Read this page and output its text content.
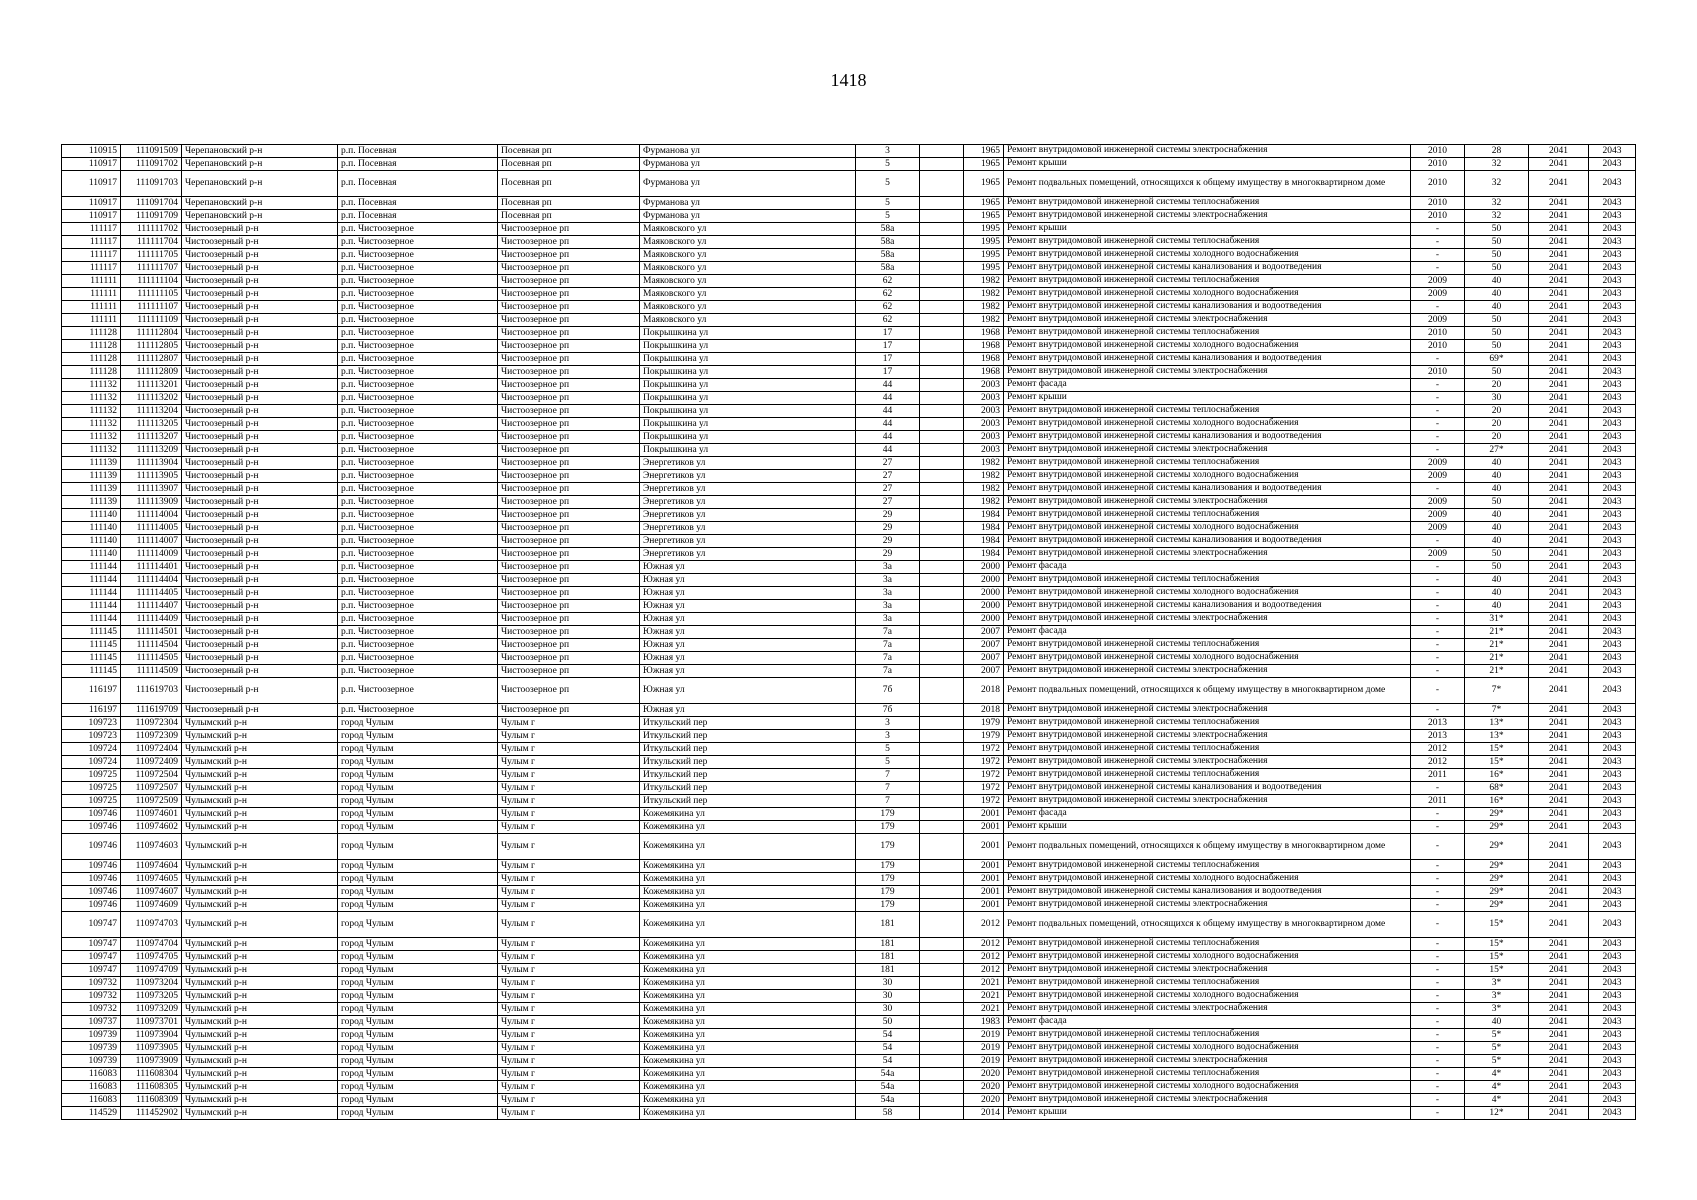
1418
110915	111091509	Черепановский р-н	р.п. Посевная	Посевная рп	Фурманова ул	3		1965	Ремонт внутридомовой инженерной системы электроснабжения	2010	28	2041	2043
110917	111091702	Черепановский р-н	р.п. Посевная	Посевная рп	Фурманова ул	5		1965	Ремонт крыши	2010	32	2041	2043
110917	111091703	Черепановский р-н	р.п. Посевная	Посевная рп	Фурманова ул	5		1965	Ремонт подвальных помещений, относящихся к общему имуществу в многоквартирном доме	2010	32	2041	2043
110917	111091704	Черепановский р-н	р.п. Посевная	Посевная рп	Фурманова ул	5		1965	Ремонт внутридомовой инженерной системы теплоснабжения	2010	32	2041	2043
110917	111091709	Черепановский р-н	р.п. Посевная	Посевная рп	Фурманова ул	5		1965	Ремонт внутридомовой инженерной системы электроснабжения	2010	32	2041	2043
111117	111111702	Чистоозерный р-н	р.п. Чистоозерное	Чистоозерное рп	Маяковского ул	58а		1995	Ремонт крыши	-	50	2041	2043
111117	111111704	Чистоозерный р-н	р.п. Чистоозерное	Чистоозерное рп	Маяковского ул	58а		1995	Ремонт внутридомовой инженерной системы теплоснабжения	-	50	2041	2043
111117	111111705	Чистоозерный р-н	р.п. Чистоозерное	Чистоозерное рп	Маяковского ул	58а		1995	Ремонт внутридомовой инженерной системы холодного водоснабжения	-	50	2041	2043
111117	111111707	Чистоозерный р-н	р.п. Чистоозерное	Чистоозерное рп	Маяковского ул	58а		1995	Ремонт внутридомовой инженерной системы канализования и водоотведения	-	50	2041	2043
111111	111111104	Чистоозерный р-н	р.п. Чистоозерное	Чистоозерное рп	Маяковского ул	62		1982	Ремонт внутридомовой инженерной системы теплоснабжения	2009	40	2041	2043
111111	111111105	Чистоозерный р-н	р.п. Чистоозерное	Чистоозерное рп	Маяковского ул	62		1982	Ремонт внутридомовой инженерной системы холодного водоснабжения	2009	40	2041	2043
111111	111111107	Чистоозерный р-н	р.п. Чистоозерное	Чистоозерное рп	Маяковского ул	62		1982	Ремонт внутридомовой инженерной системы канализования и водоотведения	-	40	2041	2043
111111	111111109	Чистоозерный р-н	р.п. Чистоозерное	Чистоозерное рп	Маяковского ул	62		1982	Ремонт внутридомовой инженерной системы электроснабжения	2009	50	2041	2043
111128	111112804	Чистоозерный р-н	р.п. Чистоозерное	Чистоозерное рп	Покрышкина ул	17		1968	Ремонт внутридомовой инженерной системы теплоснабжения	2010	50	2041	2043
111128	111112805	Чистоозерный р-н	р.п. Чистоозерное	Чистоозерное рп	Покрышкина ул	17		1968	Ремонт внутридомовой инженерной системы холодного водоснабжения	2010	50	2041	2043
111128	111112807	Чистоозерный р-н	р.п. Чистоозерное	Чистоозерное рп	Покрышкина ул	17		1968	Ремонт внутридомовой инженерной системы канализования и водоотведения	-	69*	2041	2043
111128	111112809	Чистоозерный р-н	р.п. Чистоозерное	Чистоозерное рп	Покрышкина ул	17		1968	Ремонт внутридомовой инженерной системы электроснабжения	2010	50	2041	2043
111132	111113201	Чистоозерный р-н	р.п. Чистоозерное	Чистоозерное рп	Покрышкина ул	44		2003	Ремонт фасада	-	20	2041	2043
111132	111113202	Чистоозерный р-н	р.п. Чистоозерное	Чистоозерное рп	Покрышкина ул	44		2003	Ремонт крыши	-	30	2041	2043
111132	111113204	Чистоозерный р-н	р.п. Чистоозерное	Чистоозерное рп	Покрышкина ул	44		2003	Ремонт внутридомовой инженерной системы теплоснабжения	-	20	2041	2043
111132	111113205	Чистоозерный р-н	р.п. Чистоозерное	Чистоозерное рп	Покрышкина ул	44		2003	Ремонт внутридомовой инженерной системы холодного водоснабжения	-	20	2041	2043
111132	111113207	Чистоозерный р-н	р.п. Чистоозерное	Чистоозерное рп	Покрышкина ул	44		2003	Ремонт внутридомовой инженерной системы канализования и водоотведения	-	20	2041	2043
111132	111113209	Чистоозерный р-н	р.п. Чистоозерное	Чистоозерное рп	Покрышкина ул	44		2003	Ремонт внутридомовой инженерной системы электроснабжения	-	27*	2041	2043
111139	111113904	Чистоозерный р-н	р.п. Чистоозерное	Чистоозерное рп	Энергетиков ул	27		1982	Ремонт внутридомовой инженерной системы теплоснабжения	2009	40	2041	2043
111139	111113905	Чистоозерный р-н	р.п. Чистоозерное	Чистоозерное рп	Энергетиков ул	27		1982	Ремонт внутридомовой инженерной системы холодного водоснабжения	2009	40	2041	2043
111139	111113907	Чистоозерный р-н	р.п. Чистоозерное	Чистоозерное рп	Энергетиков ул	27		1982	Ремонт внутридомовой инженерной системы канализования и водоотведения	-	40	2041	2043
111139	111113909	Чистоозерный р-н	р.п. Чистоозерное	Чистоозерное рп	Энергетиков ул	27		1982	Ремонт внутридомовой инженерной системы электроснабжения	2009	50	2041	2043
111140	111114004	Чистоозерный р-н	р.п. Чистоозерное	Чистоозерное рп	Энергетиков ул	29		1984	Ремонт внутридомовой инженерной системы теплоснабжения	2009	40	2041	2043
111140	111114005	Чистоозерный р-н	р.п. Чистоозерное	Чистоозерное рп	Энергетиков ул	29		1984	Ремонт внутридомовой инженерной системы холодного водоснабжения	2009	40	2041	2043
111140	111114007	Чистоозерный р-н	р.п. Чистоозерное	Чистоозерное рп	Энергетиков ул	29		1984	Ремонт внутридомовой инженерной системы канализования и водоотведения	-	40	2041	2043
111140	111114009	Чистоозерный р-н	р.п. Чистоозерное	Чистоозерное рп	Энергетиков ул	29		1984	Ремонт внутридомовой инженерной системы электроснабжения	2009	50	2041	2043
111144	111114401	Чистоозерный р-н	р.п. Чистоозерное	Чистоозерное рп	Южная ул	3а		2000	Ремонт фасада	-	50	2041	2043
111144	111114404	Чистоозерный р-н	р.п. Чистоозерное	Чистоозерное рп	Южная ул	3а		2000	Ремонт внутридомовой инженерной системы теплоснабжения	-	40	2041	2043
111144	111114405	Чистоозерный р-н	р.п. Чистоозерное	Чистоозерное рп	Южная ул	3а		2000	Ремонт внутридомовой инженерной системы холодного водоснабжения	-	40	2041	2043
111144	111114407	Чистоозерный р-н	р.п. Чистоозерное	Чистоозерное рп	Южная ул	3а		2000	Ремонт внутридомовой инженерной системы канализования и водоотведения	-	40	2041	2043
111144	111114409	Чистоозерный р-н	р.п. Чистоозерное	Чистоозерное рп	Южная ул	3а		2000	Ремонт внутридомовой инженерной системы электроснабжения	-	31*	2041	2043
111145	111114501	Чистоозерный р-н	р.п. Чистоозерное	Чистоозерное рп	Южная ул	7а		2007	Ремонт фасада	-	21*	2041	2043
111145	111114504	Чистоозерный р-н	р.п. Чистоозерное	Чистоозерное рп	Южная ул	7а		2007	Ремонт внутридомовой инженерной системы теплоснабжения	-	21*	2041	2043
111145	111114505	Чистоозерный р-н	р.п. Чистоозерное	Чистоозерное рп	Южная ул	7а		2007	Ремонт внутридомовой инженерной системы холодного водоснабжения	-	21*	2041	2043
111145	111114509	Чистоозерный р-н	р.п. Чистоозерное	Чистоозерное рп	Южная ул	7а		2007	Ремонт внутридомовой инженерной системы электроснабжения	-	21*	2041	2043
116197	111619703	Чистоозерный р-н	р.п. Чистоозерное	Чистоозерное рп	Южная ул	7б		2018	Ремонт подвальных помещений, относящихся к общему имуществу в многоквартирном доме	-	7*	2041	2043
116197	111619709	Чистоозерный р-н	р.п. Чистоозерное	Чистоозерное рп	Южная ул	7б		2018	Ремонт внутридомовой инженерной системы электроснабжения	-	7*	2041	2043
109723	110972304	Чулымский р-н	город Чулым	Чулым г	Иткульский пер	3		1979	Ремонт внутридомовой инженерной системы теплоснабжения	2013	13*	2041	2043
109723	110972309	Чулымский р-н	город Чулым	Чулым г	Иткульский пер	3		1979	Ремонт внутридомовой инженерной системы электроснабжения	2013	13*	2041	2043
109724	110972404	Чулымский р-н	город Чулым	Чулым г	Иткульский пер	5		1972	Ремонт внутридомовой инженерной системы теплоснабжения	2012	15*	2041	2043
109724	110972409	Чулымский р-н	город Чулым	Чулым г	Иткульский пер	5		1972	Ремонт внутридомовой инженерной системы электроснабжения	2012	15*	2041	2043
109725	110972504	Чулымский р-н	город Чулым	Чулым г	Иткульский пер	7		1972	Ремонт внутридомовой инженерной системы теплоснабжения	2011	16*	2041	2043
109725	110972507	Чулымский р-н	город Чулым	Чулым г	Иткульский пер	7		1972	Ремонт внутридомовой инженерной системы канализования и водоотведения	-	68*	2041	2043
109725	110972509	Чулымский р-н	город Чулым	Чулым г	Иткульский пер	7		1972	Ремонт внутридомовой инженерной системы электроснабжения	2011	16*	2041	2043
109746	110974601	Чулымский р-н	город Чулым	Чулым г	Кожемякина ул	179		2001	Ремонт фасада	-	29*	2041	2043
109746	110974602	Чулымский р-н	город Чулым	Чулым г	Кожемякина ул	179		2001	Ремонт крыши	-	29*	2041	2043
109746	110974603	Чулымский р-н	город Чулым	Чулым г	Кожемякина ул	179		2001	Ремонт подвальных помещений, относящихся к общему имуществу в многоквартирном доме	-	29*	2041	2043
109746	110974604	Чулымский р-н	город Чулым	Чулым г	Кожемякина ул	179		2001	Ремонт внутридомовой инженерной системы теплоснабжения	-	29*	2041	2043
109746	110974605	Чулымский р-н	город Чулым	Чулым г	Кожемякина ул	179		2001	Ремонт внутридомовой инженерной системы холодного водоснабжения	-	29*	2041	2043
109746	110974607	Чулымский р-н	город Чулым	Чулым г	Кожемякина ул	179		2001	Ремонт внутридомовой инженерной системы канализования и водоотведения	-	29*	2041	2043
109746	110974609	Чулымский р-н	город Чулым	Чулым г	Кожемякина ул	179		2001	Ремонт внутридомовой инженерной системы электроснабжения	-	29*	2041	2043
109747	110974703	Чулымский р-н	город Чулым	Чулым г	Кожемякина ул	181		2012	Ремонт подвальных помещений, относящихся к общему имуществу в многоквартирном доме	-	15*	2041	2043
109747	110974704	Чулымский р-н	город Чулым	Чулым г	Кожемякина ул	181		2012	Ремонт внутридомовой инженерной системы теплоснабжения	-	15*	2041	2043
109747	110974705	Чулымский р-н	город Чулым	Чулым г	Кожемякина ул	181		2012	Ремонт внутридомовой инженерной системы холодного водоснабжения	-	15*	2041	2043
109747	110974709	Чулымский р-н	город Чулым	Чулым г	Кожемякина ул	181		2012	Ремонт внутридомовой инженерной системы электроснабжения	-	15*	2041	2043
109732	110973204	Чулымский р-н	город Чулым	Чулым г	Кожемякина ул	30		2021	Ремонт внутридомовой инженерной системы теплоснабжения	-	3*	2041	2043
109732	110973205	Чулымский р-н	город Чулым	Чулым г	Кожемякина ул	30		2021	Ремонт внутридомовой инженерной системы холодного водоснабжения	-	3*	2041	2043
109732	110973209	Чулымский р-н	город Чулым	Чулым г	Кожемякина ул	30		2021	Ремонт внутридомовой инженерной системы электроснабжения	-	3*	2041	2043
109737	110973701	Чулымский р-н	город Чулым	Чулым г	Кожемякина ул	50		1983	Ремонт фасада	-	40	2041	2043
109739	110973904	Чулымский р-н	город Чулым	Чулым г	Кожемякина ул	54		2019	Ремонт внутридомовой инженерной системы теплоснабжения	-	5*	2041	2043
109739	110973905	Чулымский р-н	город Чулым	Чулым г	Кожемякина ул	54		2019	Ремонт внутридомовой инженерной системы холодного водоснабжения	-	5*	2041	2043
109739	110973909	Чулымский р-н	город Чулым	Чулым г	Кожемякина ул	54		2019	Ремонт внутридомовой инженерной системы электроснабжения	-	5*	2041	2043
116083	111608304	Чулымский р-н	город Чулым	Чулым г	Кожемякина ул	54а		2020	Ремонт внутридомовой инженерной системы теплоснабжения	-	4*	2041	2043
116083	111608305	Чулымский р-н	город Чулым	Чулым г	Кожемякина ул	54а		2020	Ремонт внутридомовой инженерной системы холодного водоснабжения	-	4*	2041	2043
116083	111608309	Чулымский р-н	город Чулым	Чулым г	Кожемякина ул	54а		2020	Ремонт внутридомовой инженерной системы электроснабжения	-	4*	2041	2043
114529	111452902	Чулымский р-н	город Чулым	Чулым г	Кожемякина ул	58		2014	Ремонт крыши	-	12*	2041	2043
